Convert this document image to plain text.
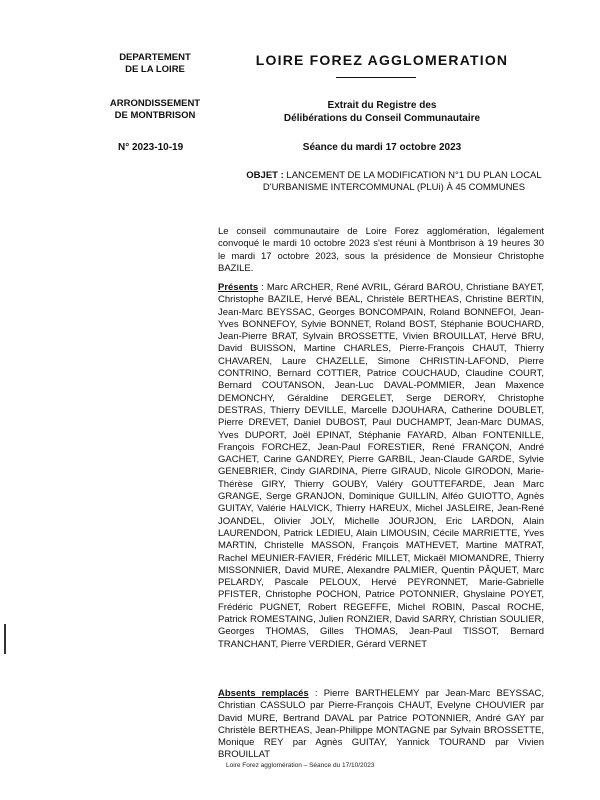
DEPARTEMENT
DE LA LOIRE
LOIRE FOREZ AGGLOMERATION
ARRONDISSEMENT
DE MONTBRISON
Extrait du Registre des
Délibérations du Conseil Communautaire
N° 2023-10-19	Séance du mardi 17 octobre 2023
OBJET : LANCEMENT DE LA MODIFICATION N°1 DU PLAN LOCAL D'URBANISME INTERCOMMUNAL (PLUi) À 45 COMMUNES
Le conseil communautaire de Loire Forez agglomération, légalement convoqué le mardi 10 octobre 2023 s'est réuni à Montbrison à 19 heures 30 le mardi 17 octobre 2023, sous la présidence de Monsieur Christophe BAZILE.
Présents : Marc ARCHER, René AVRIL, Gérard BAROU, Christiane BAYET, Christophe BAZILE, Hervé BEAL, Christèle BERTHEAS, Christine BERTIN, Jean-Marc BEYSSAC, Georges BONCOMPAIN, Roland BONNEFOI, Jean-Yves BONNEFOY, Sylvie BONNET, Roland BOST, Stéphanie BOUCHARD, Jean-Pierre BRAT, Sylvain BROSSETTE, Vivien BROUILLAT, Hervé BRU, David BUISSON, Martine CHARLES, Pierre-François CHAUT, Thierry CHAVAREN, Laure CHAZELLE, Simone CHRISTIN-LAFOND, Pierre CONTRINO, Bernard COTTIER, Patrice COUCHAUD, Claudine COURT, Bernard COUTANSON, Jean-Luc DAVAL-POMMIER, Jean Maxence DEMONCHY, Géraldine DERGELET, Serge DERORY, Christophe DESTRAS, Thierry DEVILLE, Marcelle DJOUHARA, Catherine DOUBLET, Pierre DREVET, Daniel DUBOST, Paul DUCHAMPT, Jean-Marc DUMAS, Yves DUPORT, Joël EPINAT, Stéphanie FAYARD, Alban FONTENILLE, François FORCHEZ, Jean-Paul FORESTIER, René FRANÇON, André GACHET, Carine GANDREY, Pierre GARBIL, Jean-Claude GARDE, Sylvie GENEBRIER, Cindy GIARDINA, Pierre GIRAUD, Nicole GIRODON, Marie-Thérèse GIRY, Thierry GOUBY, Valéry GOUTTEFARDE, Jean Marc GRANGE, Serge GRANJON, Dominique GUILLIN, Alféo GUIOTTO, Agnès GUITAY, Valérie HALVICK, Thierry HAREUX, Michel JASLEIRE, Jean-René JOANDEL, Olivier JOLY, Michelle JOURJON, Eric LARDON, Alain LAURENDON, Patrick LEDIEU, Alain LIMOUSIN, Cécile MARRIETTE, Yves MARTIN, Christelle MASSON, François MATHEVET, Martine MATRAT, Rachel MEUNIER-FAVIER, Frédéric MILLET, Mickaël MIOMANDRE, Thierry MISSONNIER, David MURE, Alexandre PALMIER, Quentin PÂQUET, Marc PELARDY, Pascale PELOUX, Hervé PEYRONNET, Marie-Gabrielle PFISTER, Christophe POCHON, Patrice POTONNIER, Ghyslaine POYET, Frédéric PUGNET, Robert REGEFFE, Michel ROBIN, Pascal ROCHE, Patrick ROMESTAING, Julien RONZIER, David SARRY, Christian SOULIER, Georges THOMAS, Gilles THOMAS, Jean-Paul TISSOT, Bernard TRANCHANT, Pierre VERDIER, Gérard VERNET
Absents remplacés : Pierre BARTHELEMY par Jean-Marc BEYSSAC, Christian CASSULO par Pierre-François CHAUT, Evelyne CHOUVIER par David MURE, Bertrand DAVAL par Patrice POTONNIER, André GAY par Christèle BERTHEAS, Jean-Philippe MONTAGNE par Sylvain BROSSETTE, Monique REY par Agnès GUITAY, Yannick TOURAND par Vivien BROUILLAT
Loire Forez agglomération – Séance du 17/10/2023
